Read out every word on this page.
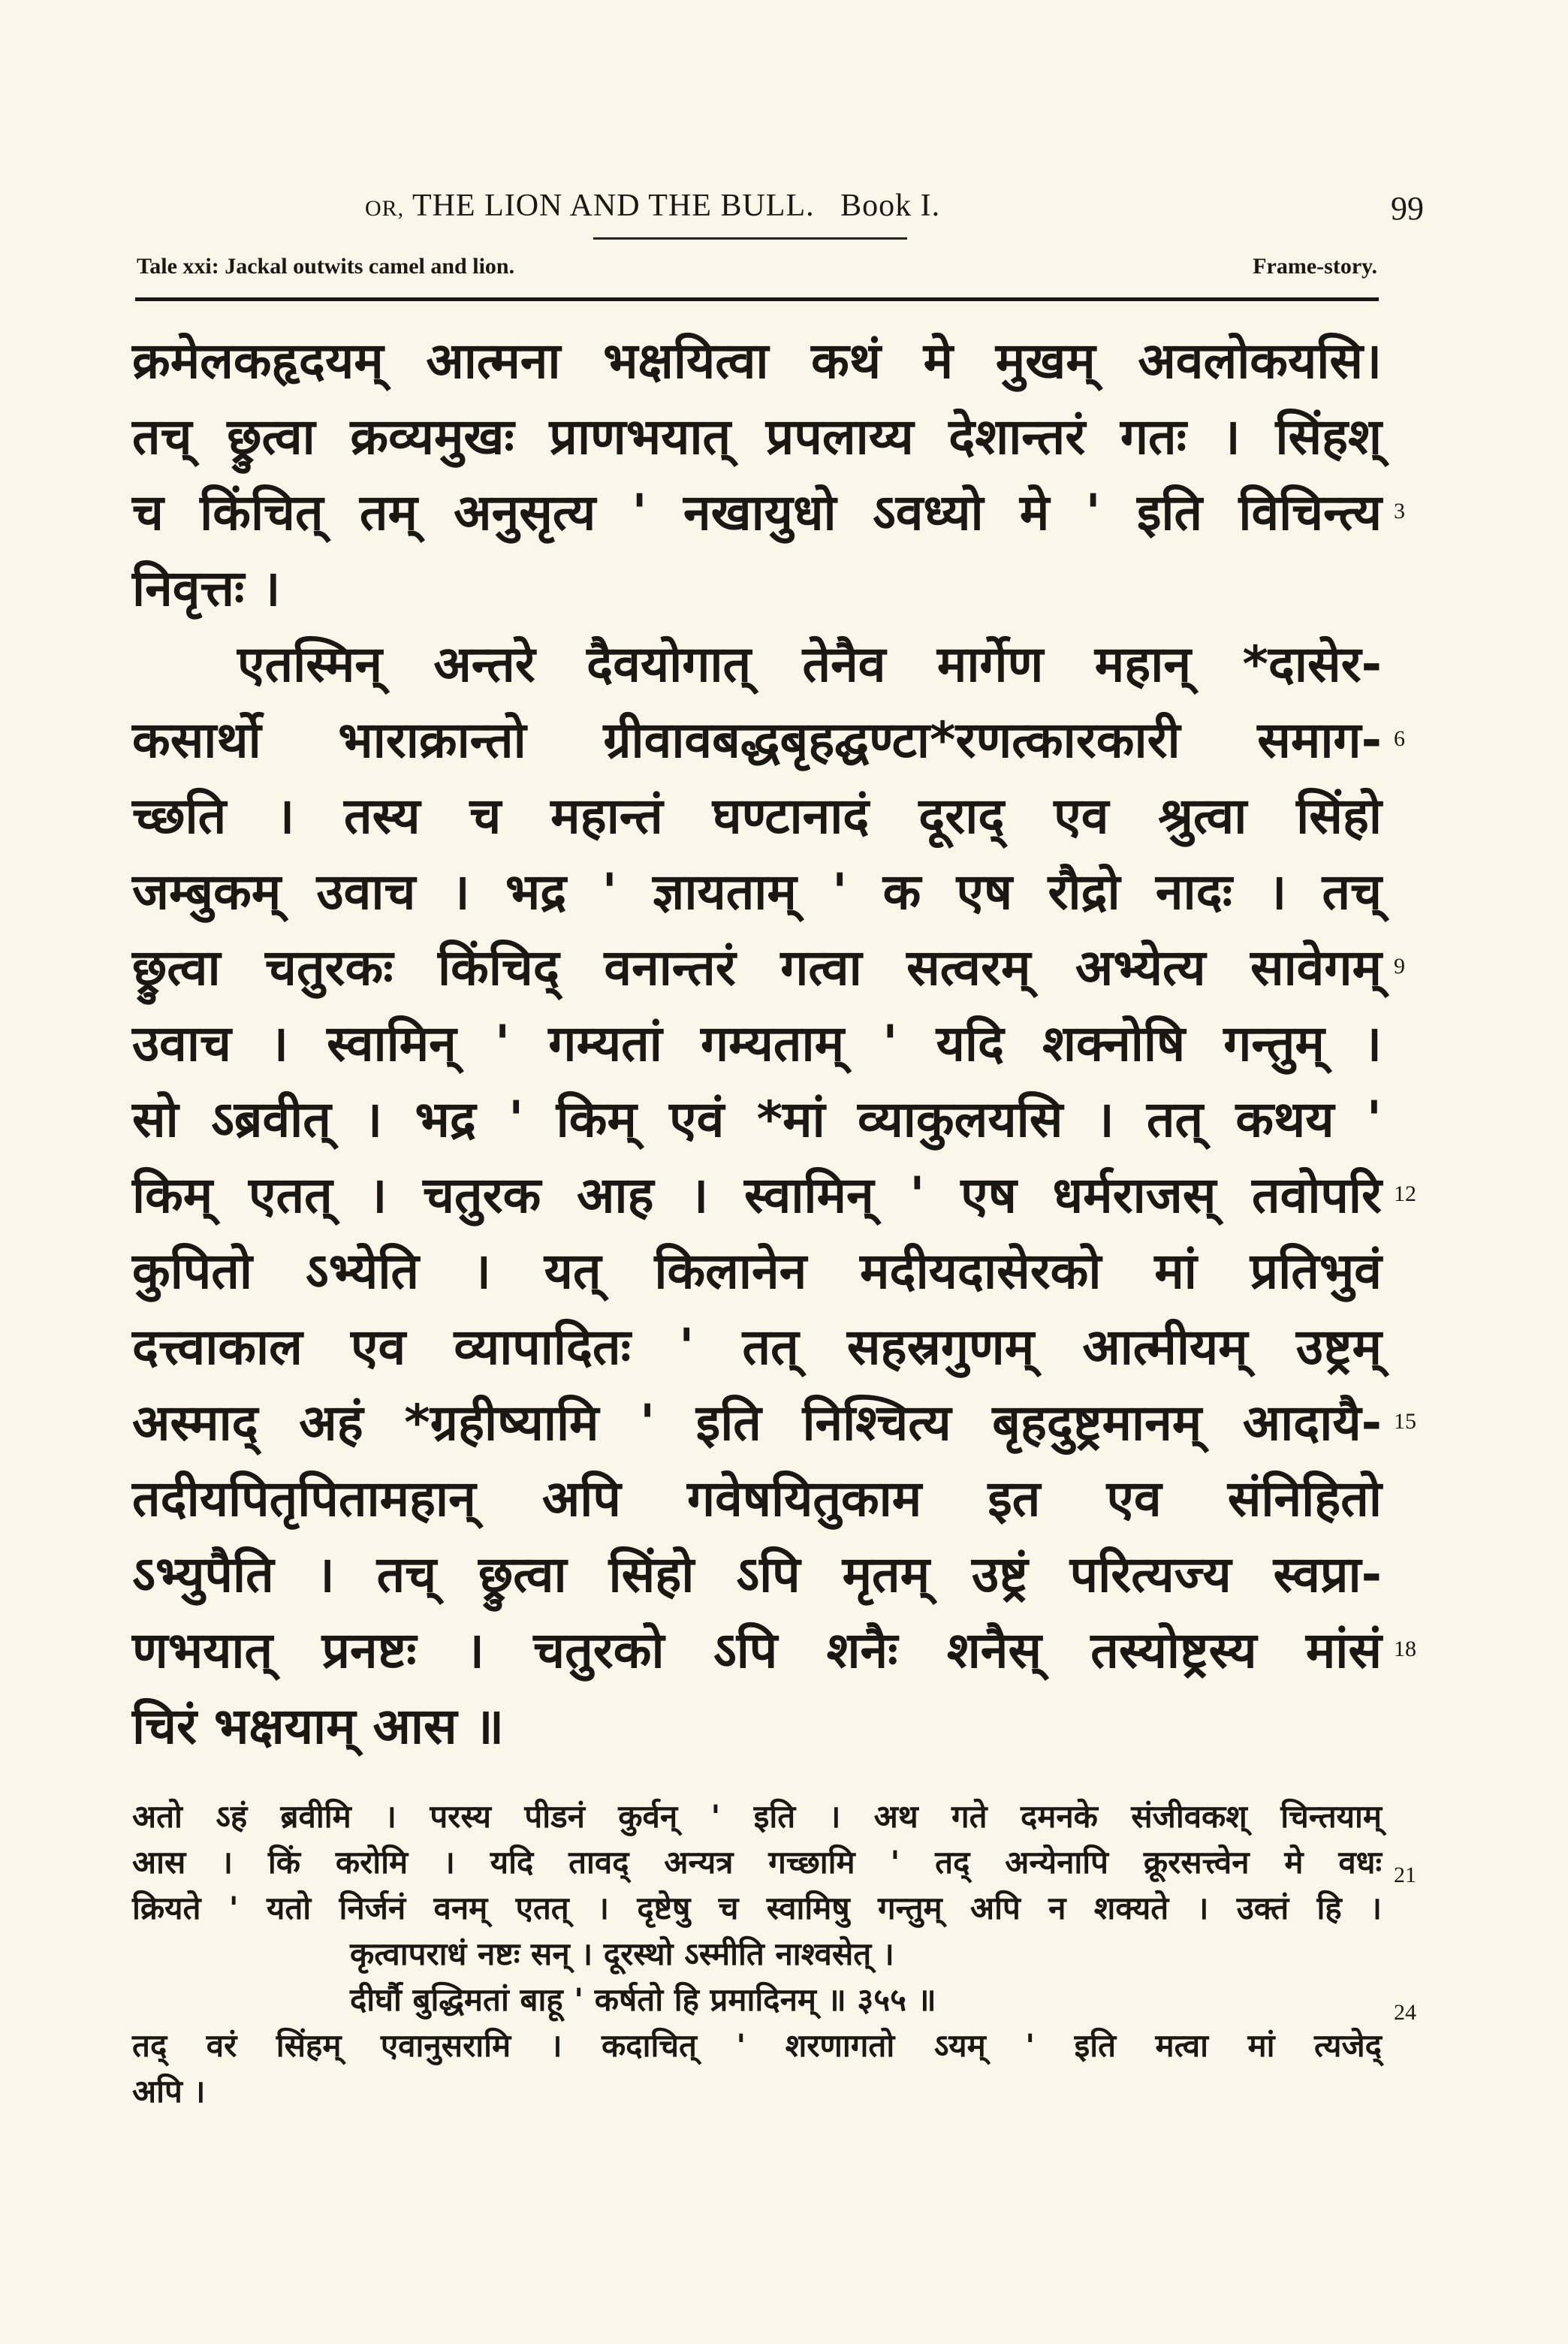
OR, THE LION AND THE BULL. Book I.	99
Tale xxi: Jackal outwits camel and lion.	Frame-story.
क्रमेलकहृदयम् आत्मना भक्षयित्वा कथं मे मुखम् अवलोकयसि।
तच् छ्रुत्वा क्रव्यमुखः प्राणभयात् प्रपलाय्य देशान्तरं गतः । सिंहश्
च किंचित् तम् अनुसृत्य ' नखायुधो ऽवध्यो मे ' इति विचिन्त्य
निवृत्तः ।
एतस्मिन् अन्तरे दैवयोगात् तेनैव मार्गेण महान् *दासेर-
कसार्थो भाराक्रान्तो ग्रीवावबद्धबृहद्घण्टा*रणत्कारकारी समाग-
च्छति । तस्य च महान्तं घण्टानादं दूराद् एव श्रुत्वा सिंहो
जम्बुकम् उवाच । भद्र ' ज्ञायताम् ' क एष रौद्रो नादः । तच्
छ्रुत्वा चतुरकः किंचिद् वनान्तरं गत्वा सत्वरम् अभ्येत्य सावेगम्
उवाच । स्वामिन् ' गम्यतां गम्यताम् ' यदि शक्नोषि गन्तुम् ।
सो ऽब्रवीत् । भद्र ' किम् एवं *मां व्याकुलयसि । तत् कथय '
किम् एतत् । चतुरक आह । स्वामिन् ' एष धर्मराजस् तवोपरि
कुपितो ऽभ्येति । यत् किलानेन मदीयदासेरको मां प्रतिभुवं
दत्त्वाकाल एव व्यापादितः ' तत् सहस्रगुणम् आत्मीयम् उष्ट्रम्
अस्माद् अहं *ग्रहीष्यामि ' इति निश्चित्य बृहदुष्ट्रमानम् आदायै-
तदीयपितृपितामहान् अपि गवेषयितुकाम इत एव संनिहितो
ऽभ्युपैति । तच् छ्रुत्वा सिंहो ऽपि मृतम् उष्ट्रं परित्यज्य स्वप्रा-
णभयात् प्रनष्टः । चतुरको ऽपि शनैः शनैस् तस्योष्ट्रस्य मांसं
चिरं भक्षयाम् आस ॥
3
6
9
12
15
18
अतो ऽहं ब्रवीमि । परस्य पीडनं कुर्वन् ' इति । अथ गते दमनके संजीवकश् चिन्तयाम्
आस । किं करोमि । यदि तावद् अन्यत्र गच्छामि ' तद् अन्येनापि क्रूरसत्त्वेन मे वधः
क्रियते ' यतो निर्जनं वनम् एतत् । दृष्टेषु च स्वामिषु गन्तुम् अपि न शक्यते । उक्तं हि ।
कृत्वापराधं नष्टः सन् । दूरस्थो ऽस्मीति नाश्वसेत् ।
दीर्घौ बुद्धिमतां बाहू ' कर्षतो हि प्रमादिनम् ॥ ३५५ ॥
तद् वरं सिंहम् एवानुसरामि । कदाचित् ' शरणागतो ऽयम् ' इति मत्वा मां त्यजेद्
अपि ।
21
24
